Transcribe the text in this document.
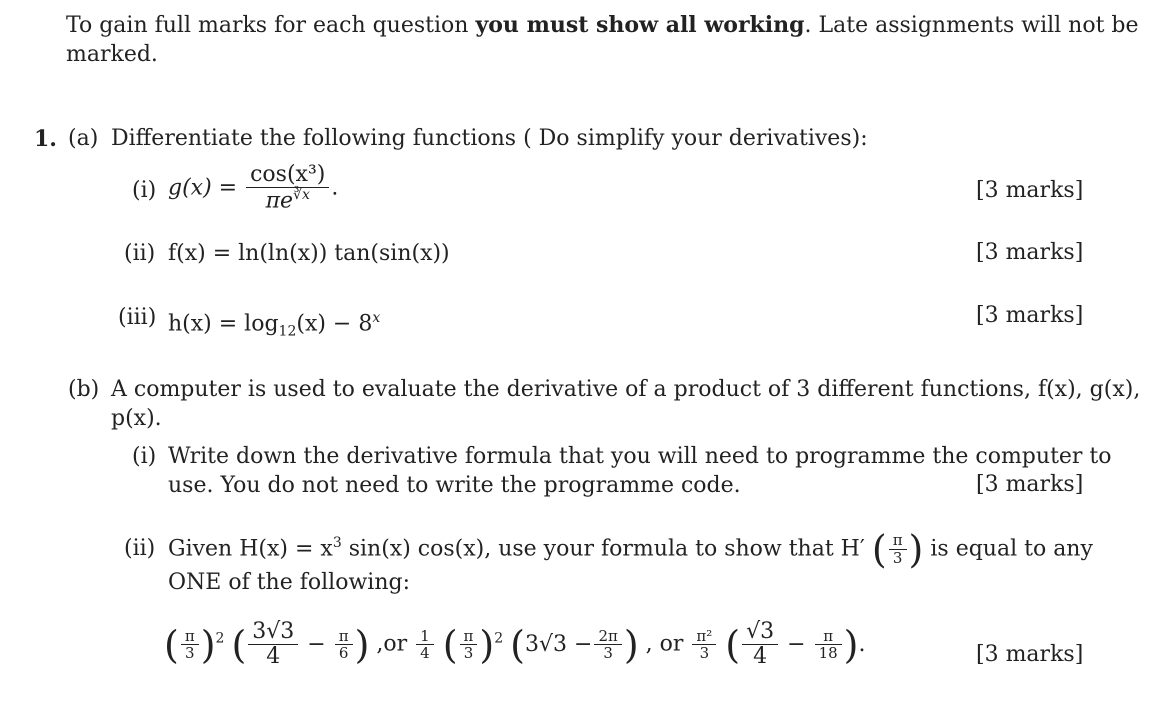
To gain full marks for each question you must show all working. Late assignments will not be
marked.
1. (a) Differentiate the following functions ( Do simplify your derivatives):
(i) $g(x) = \frac{\text{cos(x³)}}{\pi e^{∛x}}$ .	[3 marks]
(ii) f(x) = ln(ln(x)) tan(sin(x))	[3 marks]
(iii) $h(x) = \log_{12}(x) - 8^x$	[3 marks]
(b) A computer is used to evaluate the derivative of a product of 3 different functions, f(x), g(x),
p(x).
(i) Write down the derivative formula that you will need to programme the computer to
use. You do not need to write the programme code.	[3 marks]
(ii) Given $H(x) = x^3$ sin(x) cos(x), use your formula to show that H′ ( $\frac{\pi}{3}$ ) is equal to any
ONE of the following:
( $\frac{\pi}{3} )^2$ ( $\frac{3√3}{4} - \frac{\pi}{6}$ ) $,or \frac{1}{4}$ ( $\frac{\pi}{3} )^2$ ($3√3 - \frac{2\pi}{3}$ ) , or $\frac{\text{π²}}{3}$ ( $\frac{√3}{4} - \frac{\pi}{18}$ ).	[3 marks]
